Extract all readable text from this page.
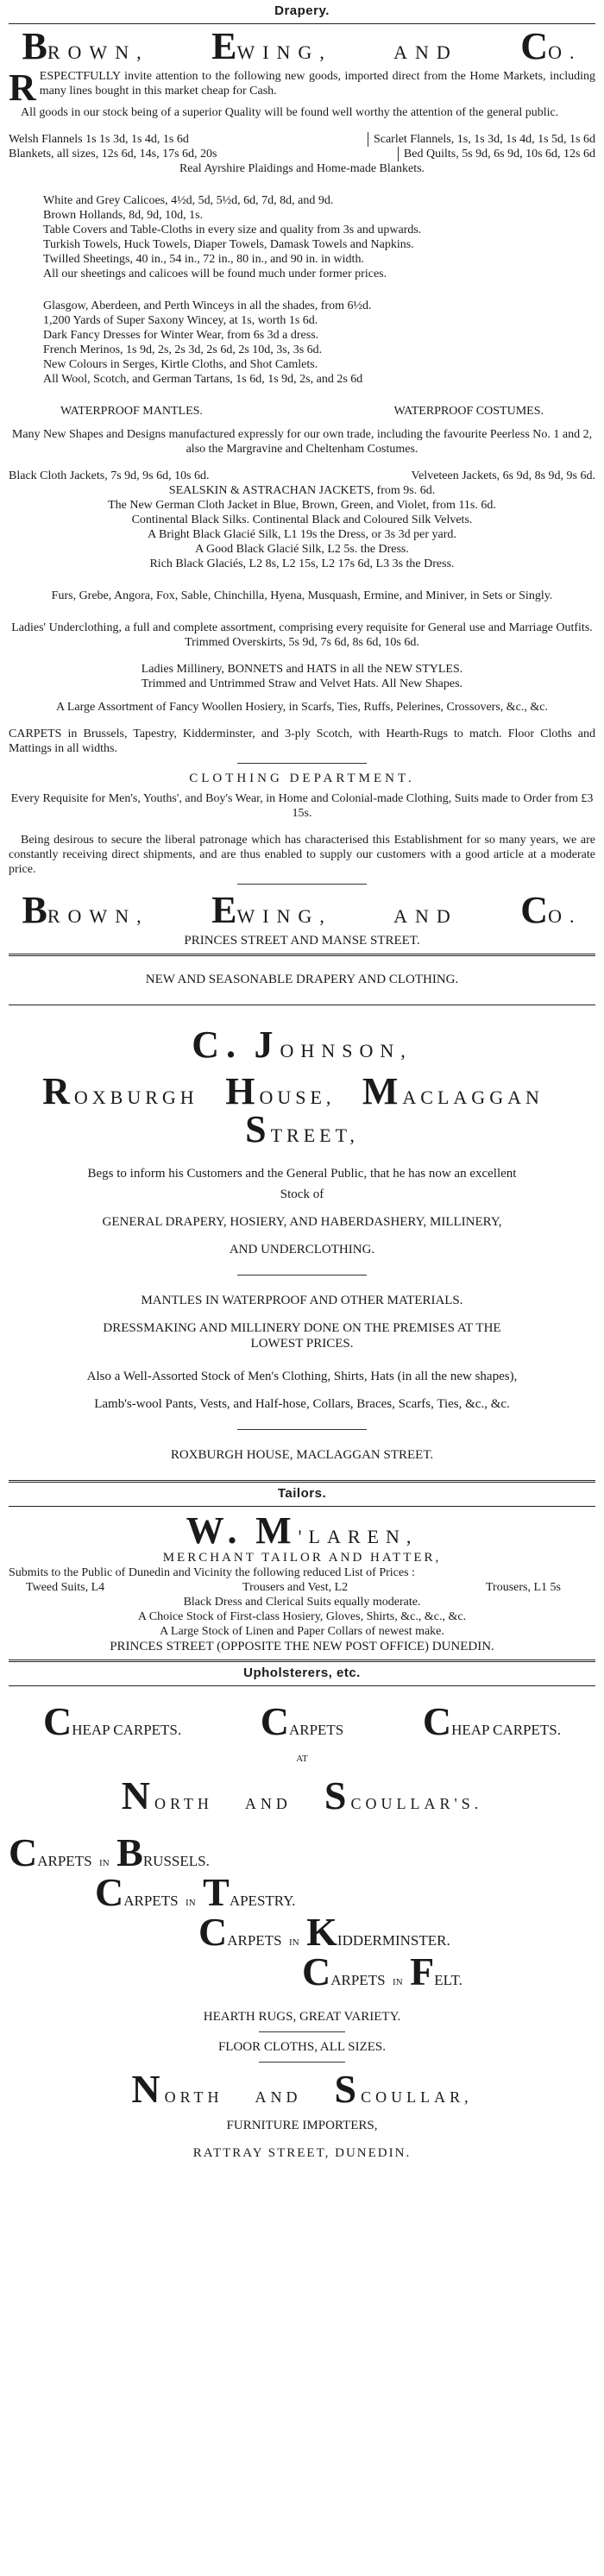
Drapery.
BROWN, EWING,	AND CO.
RESPECTFULLY invite attention to the following new goods, imported direct from the Home Markets, including many lines bought in this market cheap for Cash.

All goods in our stock being of a superior Quality will be found well worthy the attention of the general public.

Welsh Flannels 1s 1s 3d, 1s 4d, 1s 6d	Scarlet Flannels, 1s, 1s 3d, 1s 4d, 1s 5d, 1s 6d
Blankets, all sizes, 12s 6d, 14s, 17s 6d, 20s	Bed Quilts, 5s 9d, 6s 9d, 10s 6d, 12s 6d

Real Ayrshire Plaidings and Home-made Blankets.

White and Grey Calicoes, 4½d, 5d, 5½d, 6d, 7d, 8d, and 9d.

Brown Hollands, 8d, 9d, 10d, 1s.

Table Covers and Table-Cloths in every size and quality from 3s and upwards.

Turkish Towels, Huck Towels, Diaper Towels, Damask Towels and Napkins.

Twilled Sheetings, 40 in., 54 in., 72 in., 80 in., and 90 in. in width.

All our sheetings and calicoes will be found much under former prices.

Glasgow, Aberdeen, and Perth Winceys in all the shades, from 6½d.

1,200 Yards of Super Saxony Wincey, at 1s, worth 1s 6d.

Dark Fancy Dresses for Winter Wear, from 6s 3d a dress.

French Merinos, 1s 9d, 2s, 2s 3d, 2s 6d, 2s 10d, 3s, 3s 6d.

New Colours in Serges, Kirtle Cloths, and Shot Camlets.

All Wool, Scotch, and German Tartans, 1s 6d, 1s 9d, 2s, and 2s 6d

WATERPROOF MANTLES.	WATERPROOF COSTUMES.

Many New Shapes and Designs manufactured expressly for our own trade, including the favourite Peerless No. 1 and 2, also the Margravine and Cheltenham Costumes.

Black Cloth Jackets, 7s 9d, 9s 6d, 10s 6d.	Velveteen Jackets, 6s 9d, 8s 9d, 9s 6d.

SEALSKIN & ASTRACHAN JACKETS, from 9s. 6d.

The New German Cloth Jacket in Blue, Brown, Green, and Violet, from 11s. 6d.

Continental Black Silks. Continental Black and Coloured Silk Velvets.

A Bright Black Glacié Silk, L1 19s the Dress, or 3s 3d per yard.

A Good Black Glacié Silk, L2 5s. the Dress.

Rich Black Glaciés, L2 8s, L2 15s, L2 17s 6d, L3 3s the Dress.

Furs, Grebe, Angora, Fox, Sable, Chinchilla, Hyena, Musquash, Ermine, and Miniver, in Sets or Singly.

Ladies' Underclothing, a full and complete assortment, comprising every requisite for General use and Marriage Outfits. Trimmed Overskirts, 5s 9d, 7s 6d, 8s 6d, 10s 6d.

Ladies Millinery, BONNETS and HATS in all the NEW STYLES.

Trimmed and Untrimmed Straw and Velvet Hats. All New Shapes.

A Large Assortment of Fancy Woollen Hosiery, in Scarfs, Ties, Ruffs, Pelerines, Crossovers, &c., &c.

CARPETS in Brussels, Tapestry, Kidderminster, and 3-ply Scotch, with Hearth-Rugs to match. Floor Cloths and Mattings in all widths.

CLOTHING DEPARTMENT.

Every Requisite for Men's, Youths', and Boy's Wear, in Home and Colonial-made Clothing, Suits made to Order from £3 15s.

Being desirous to secure the liberal patronage which has characterised this Establishment for so many years, we are constantly receiving direct shipments, and are thus enabled to supply our customers with a good article at a moderate price.

BROWN, EWING,	AND CO.

PRINCES STREET AND MANSE STREET.

NEW AND SEASONABLE DRAPERY AND CLOTHING.

C. JOHNSON,
ROXBURGH HOUSE, MACLAGGAN   STREET,

Begs to inform his Customers and the General Public, that he has now an excellent

Stock of

GENERAL DRAPERY, HOSIERY, AND HABERDASHERY, MILLINERY,

AND UNDERCLOTHING.

MANTLES IN WATERPROOF AND OTHER MATERIALS.

DRESSMAKING AND MILLINERY DONE ON THE PREMISES AT THE

LOWEST PRICES.

Also a Well-Assorted Stock of Men's Clothing, Shirts, Hats (in all the new shapes),

Lamb's-wool Pants, Vests, and Half-hose, Collars, Braces, Scarfs, Ties, &c., &c.

ROXBURGH HOUSE, MACLAGGAN STREET.

Tailors.
W. M'LAREN,

MERCHANT TAILOR AND HATTER,

Submits to the Public of Dunedin and Vicinity the following reduced List of Prices :

Tweed Suits, L4	Trousers and Vest, L2	Trousers, L1 5s

Black Dress and Clerical Suits equally moderate.

A Choice Stock of First-class Hosiery, Gloves, Shirts, &c., &c., &c.

A Large Stock of Linen and Paper Collars of newest make.

PRINCES STREET (OPPOSITE THE NEW POST OFFICE) DUNEDIN.

Upholsterers, etc.
CHEAP CARPETS. CARPETS CHEAP CARPETS.

AT

NORTH AND SCOULLAR'S.
CARPETS IN BRUSSELS.
CARPETS IN TAPESTRY.
CARPETS IN KIDDERMINSTER.
CARPETS IN FELT.

HEARTH RUGS, GREAT VARIETY.

FLOOR CLOTHS, ALL SIZES.

NORTH AND SCOULLAR,

FURNITURE IMPORTERS,

RATTRAY STREET, DUNEDIN.
